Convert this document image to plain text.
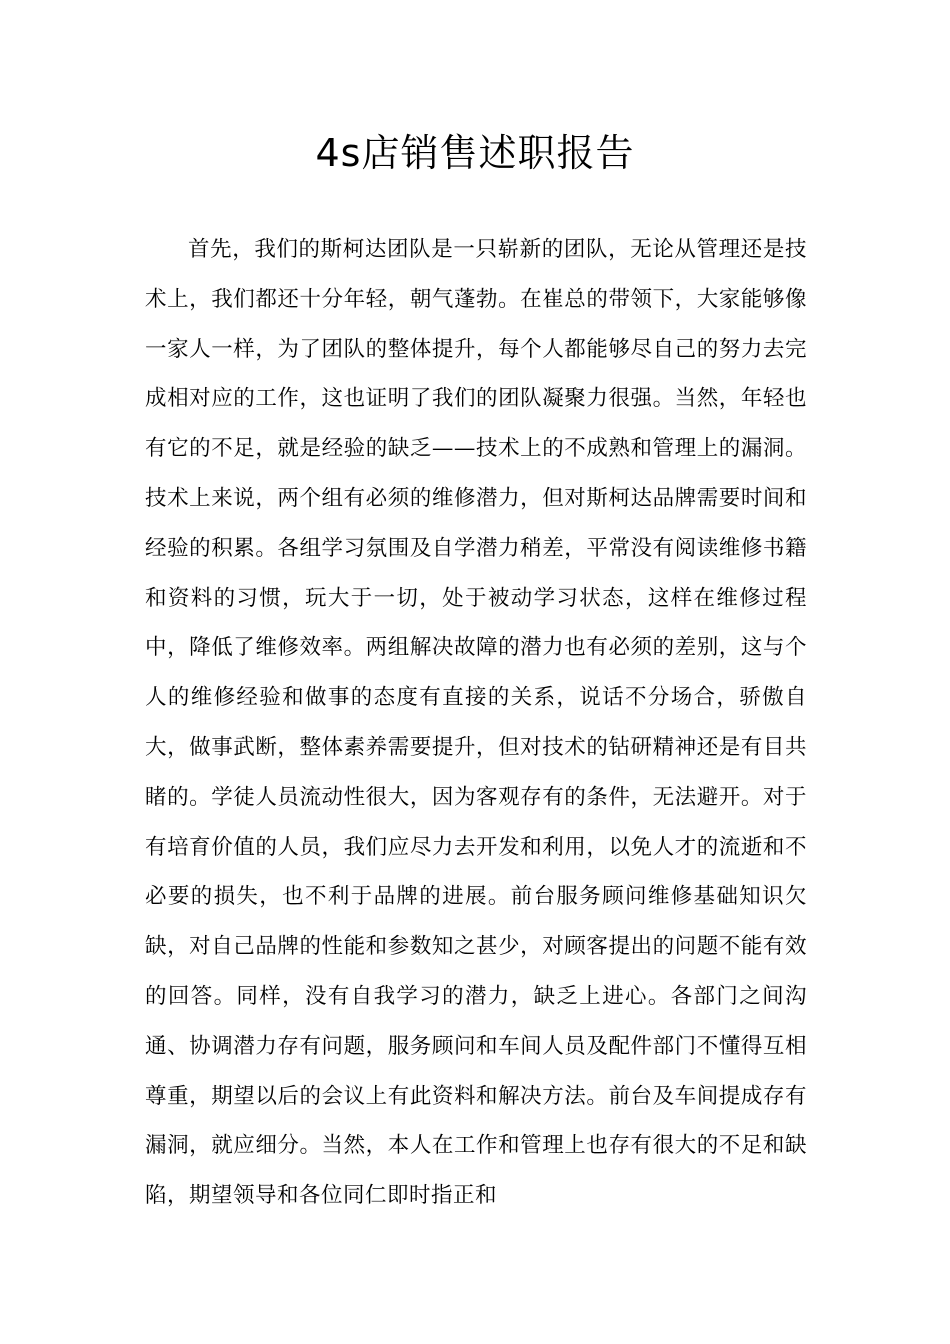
4s店销售述职报告

首先，我们的斯柯达团队是一只崭新的团队，无论从管理还是技术上，我们都还十分年轻，朝气蓬勃。在崔总的带领下，大家能够像一家人一样，为了团队的整体提升，每个人都能够尽自己的努力去完成相对应的工作，这也证明了我们的团队凝聚力很强。当然，年轻也有它的不足，就是经验的缺乏——技术上的不成熟和管理上的漏洞。技术上来说，两个组有必须的维修潜力，但对斯柯达品牌需要时间和经验的积累。各组学习氛围及自学潜力稍差，平常没有阅读维修书籍和资料的习惯，玩大于一切，处于被动学习状态，这样在维修过程中，降低了维修效率。两组解决故障的潜力也有必须的差别，这与个人的维修经验和做事的态度有直接的关系，说话不分场合，骄傲自大，做事武断，整体素养需要提升，但对技术的钻研精神还是有目共睹的。学徒人员流动性很大，因为客观存有的条件，无法避开。对于有培育价值的人员，我们应尽力去开发和利用，以免人才的流逝和不必要的损失，也不利于品牌的进展。前台服务顾问维修基础知识欠缺，对自己品牌的性能和参数知之甚少，对顾客提出的问题不能有效的回答。同样，没有自我学习的潜力，缺乏上进心。各部门之间沟通、协调潜力存有问题，服务顾问和车间人员及配件部门不懂得互相尊重，期望以后的会议上有此资料和解决方法。前台及车间提成存有漏洞，就应细分。当然，本人在工作和管理上也存有很大的不足和缺陷，期望领导和各位同仁即时指正和
